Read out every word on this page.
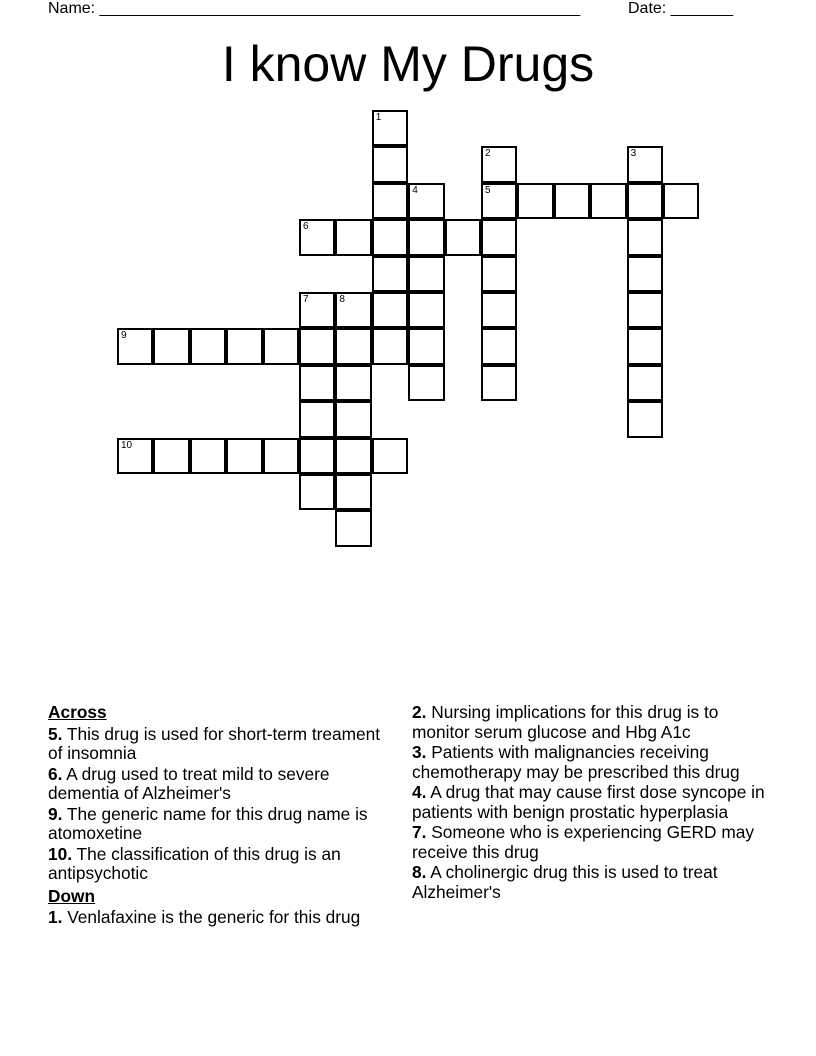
Name: ______________________________________________________	Date: _______
I know My Drugs
1
2
5
3
4
6
7	8
9
10
Across
5. This drug is used for short-term treament of insomnia
6. A drug used to treat mild to severe dementia of Alzheimer's
9. The generic name for this drug name is atomoxetine
10. The classification of this drug is an antipsychotic
Down
1. Venlafaxine is the generic for this drug
2. Nursing implications for this drug is to monitor serum glucose and Hbg A1c
3. Patients with malignancies receiving chemotherapy may be prescribed this drug
4. A drug that may cause first dose syncope in patients with benign prostatic hyperplasia
7. Someone who is experiencing GERD may receive this drug
8. A cholinergic drug this is used to treat Alzheimer's
